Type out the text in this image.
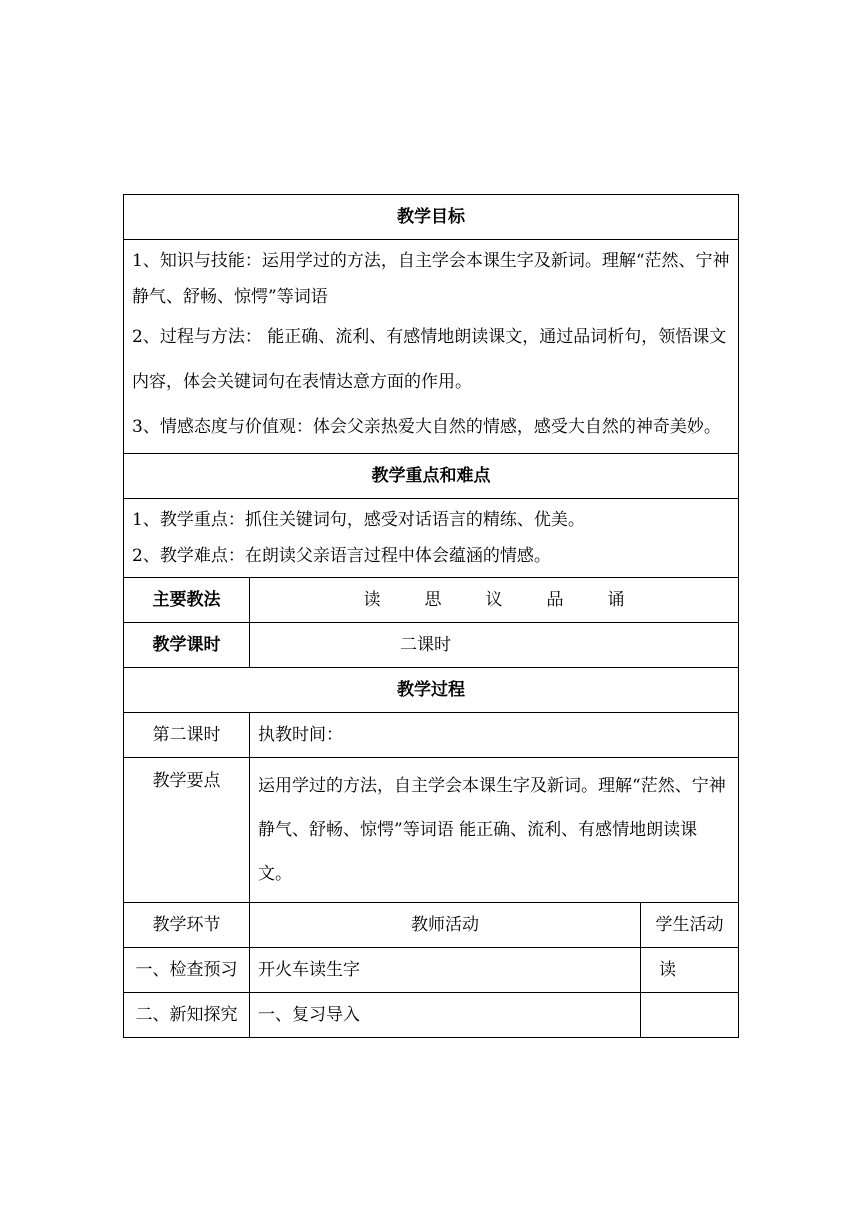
教学目标		

1、知识与技能：运用学过的方法，自主学会本课生字及新词。理解“茫然、宁神静气、舒畅、惊愕”等词语

2、过程与方法： 能正确、流利、有感情地朗读课文，通过品词析句，领悟课文内容，体会关键词句在表情达意方面的作用。

3、情感态度与价值观：体会父亲热爱大自然的情感，感受大自然的神奇美妙。		

教学重点和难点		

1、教学重点：抓住关键词句，感受对话语言的精练、优美。

2、教学难点：在朗读父亲语言过程中体会蕴涵的情感。		

主要教法	读 思 议 品 诵	
教学课时	二课时	
教学过程		
第二课时	执教时间：	
教学要点	运用学过的方法，自主学会本课生字及新词。理解“茫然、宁神静气、舒畅、惊愕”等词语 能正确、流利、有感情地朗读课文。	

教学环节	教师活动	学生活动
一、检查预习	开火车读生字	读
二、新知探究	一、复习导入	
